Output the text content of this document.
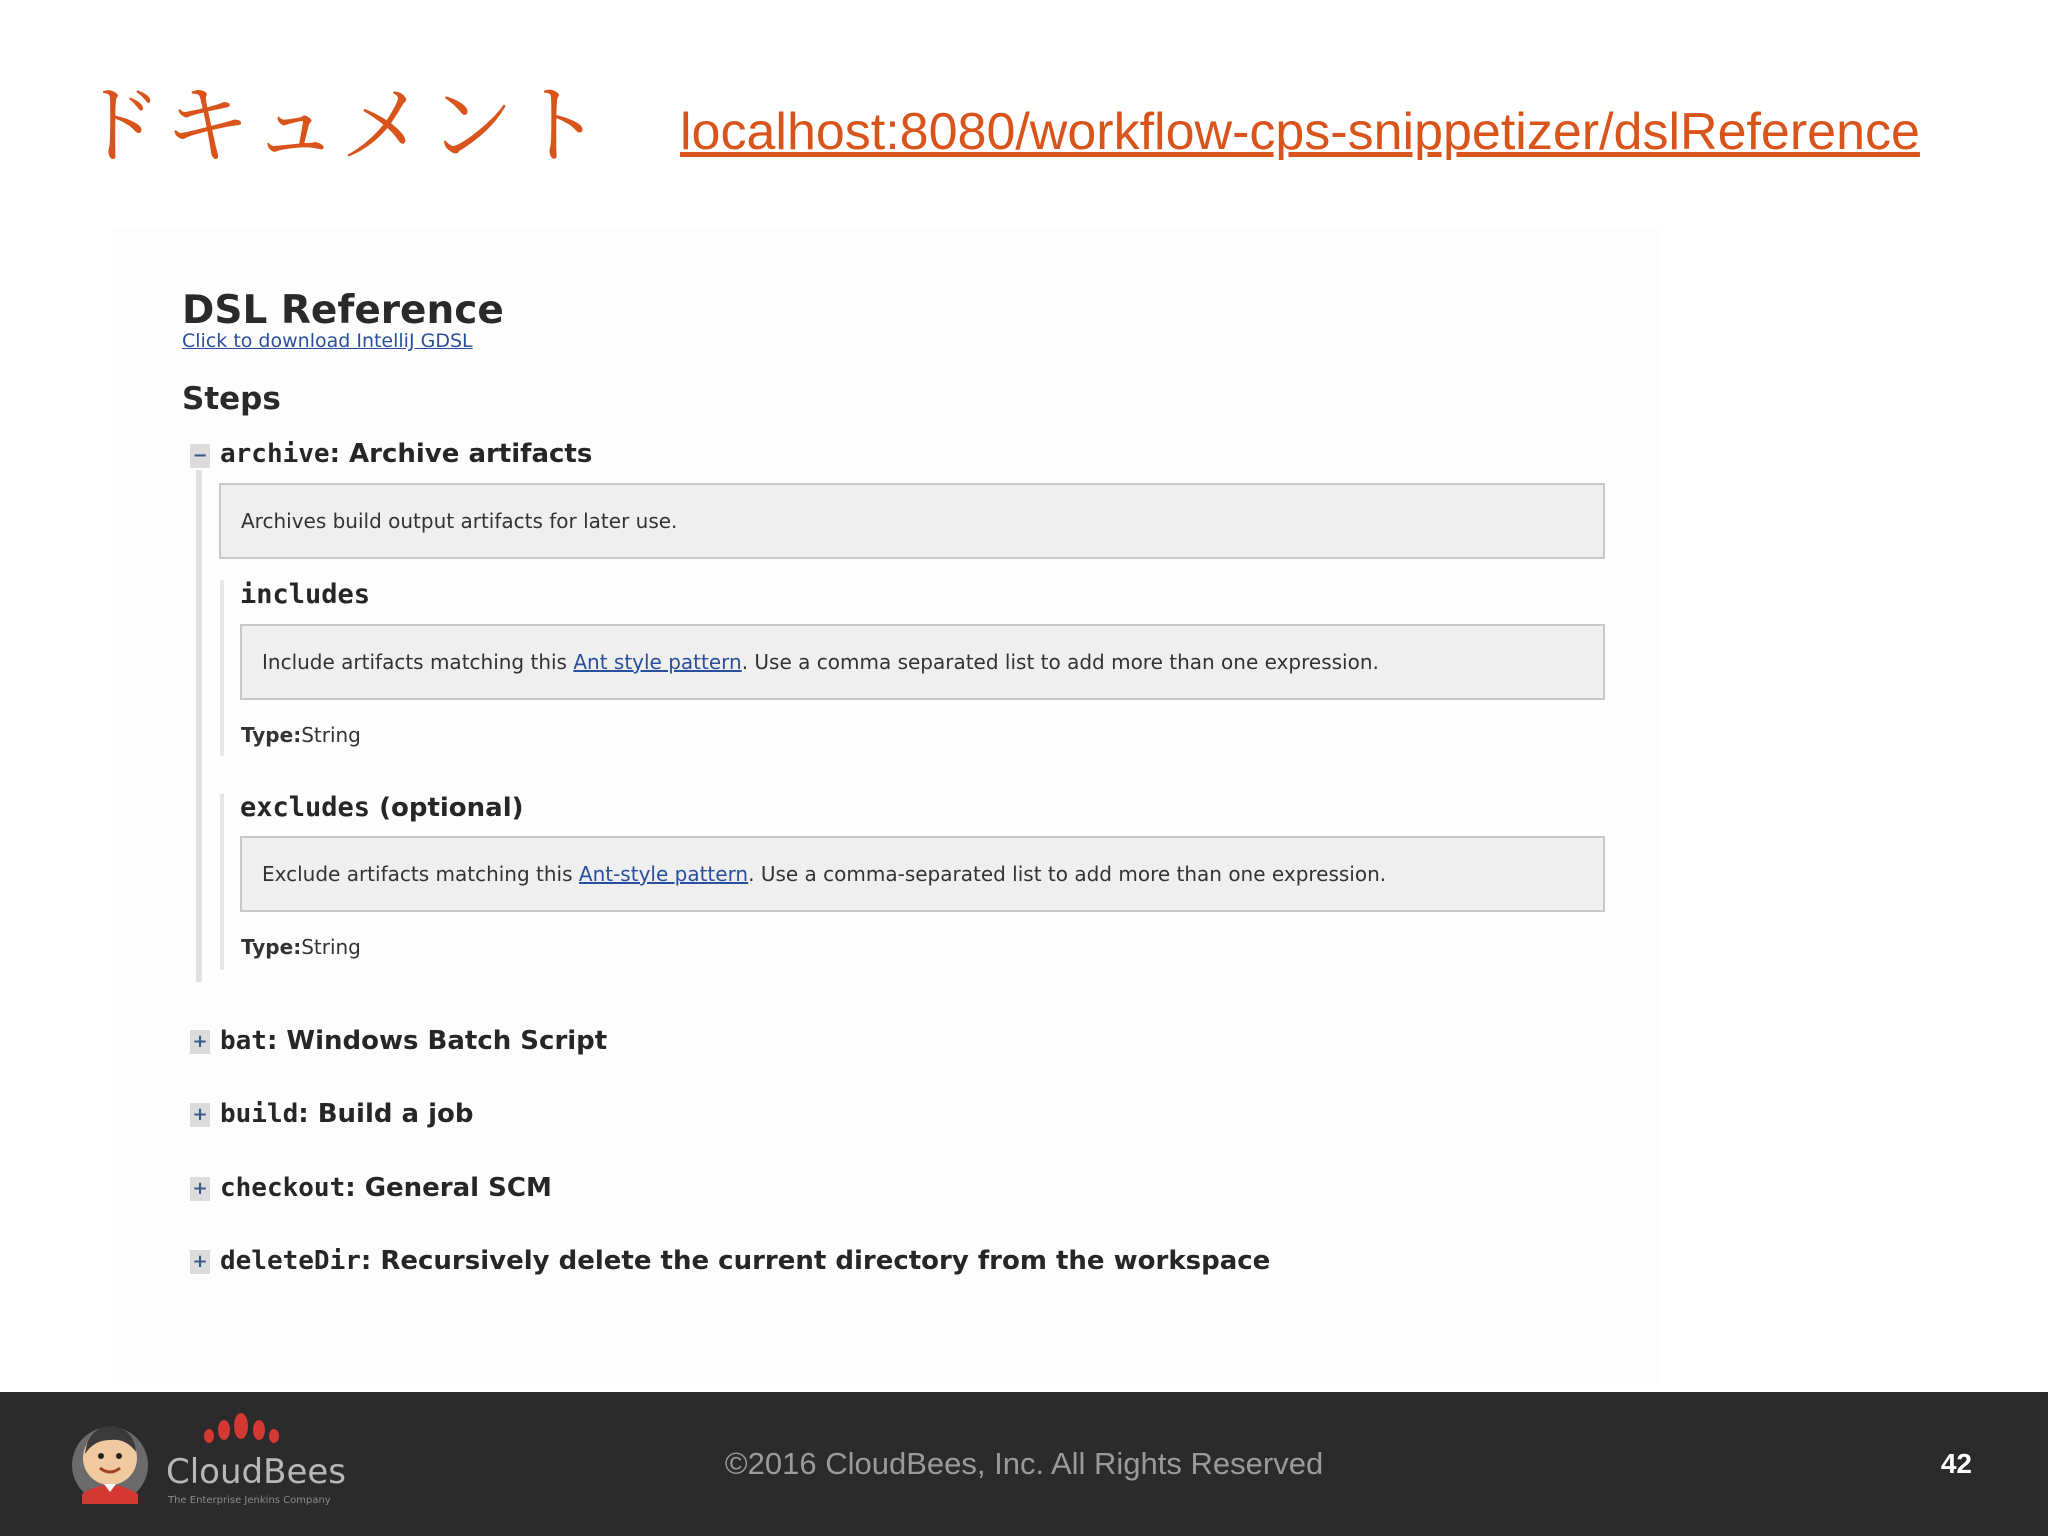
ドキュメント localhost:8080/workflow-cps-snippetizer/dslReference
DSL Reference
Click to download IntelliJ GDSL
Steps
− archive: Archive artifacts
Archives build output artifacts for later use.
includes
Include artifacts matching this Ant style pattern . Use a comma separated list to add more than one expression.
Type:String
excludes (optional)
Exclude artifacts matching this Ant-style pattern . Use a comma-separated list to add more than one expression.
Type:String
+ bat: Windows Batch Script
+ build: Build a job
+ checkout: General SCM
+ deleteDir: Recursively delete the current directory from the workspace
CloudBees
The Enterprise Jenkins Company
©2016 CloudBees, Inc. All Rights Reserved	42
